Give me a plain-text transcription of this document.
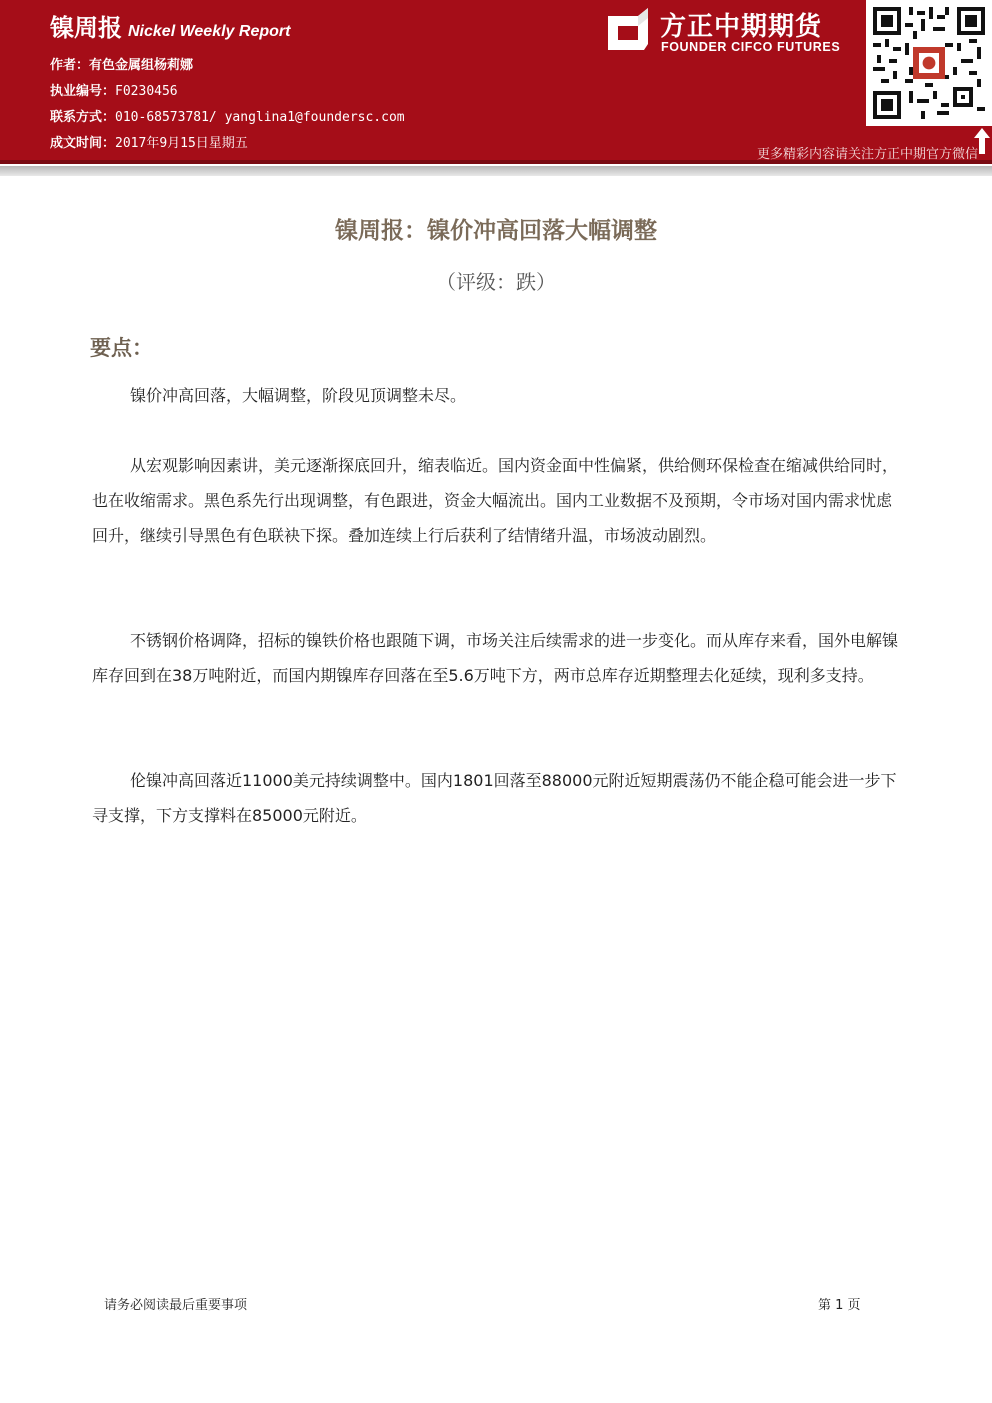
镍周报 Nickel Weekly Report
作者：有色金属组杨莉娜
执业编号：F0230456
联系方式：010-68573781/ yanglina1@foundersc.com
成文时间：2017年9月15日星期五
方正中期期货
FOUNDER CIFCO FUTURES
更多精彩内容请关注方正中期官方微信
镍周报：镍价冲高回落大幅调整
（评级：跌）
要点：

镍价冲高回落，大幅调整，阶段见顶调整未尽。

从宏观影响因素讲，美元逐渐探底回升，缩表临近。国内资金面中性偏紧，供给侧环保检查在缩减供给同时，也在收缩需求。黑色系先行出现调整，有色跟进，资金大幅流出。国内工业数据不及预期，令市场对国内需求忧虑回升，继续引导黑色有色联袂下探。叠加连续上行后获利了结情绪升温，市场波动剧烈。

不锈钢价格调降，招标的镍铁价格也跟随下调，市场关注后续需求的进一步变化。而从库存来看，国外电解镍库存回到在38万吨附近，而国内期镍库存回落在至5.6万吨下方，两市总库存近期整理去化延续，现利多支持。

伦镍冲高回落近11000美元持续调整中。国内1801回落至88000元附近短期震荡仍不能企稳可能会进一步下寻支撑，下方支撑料在85000元附近。

请务必阅读最后重要事项	第 1 页
